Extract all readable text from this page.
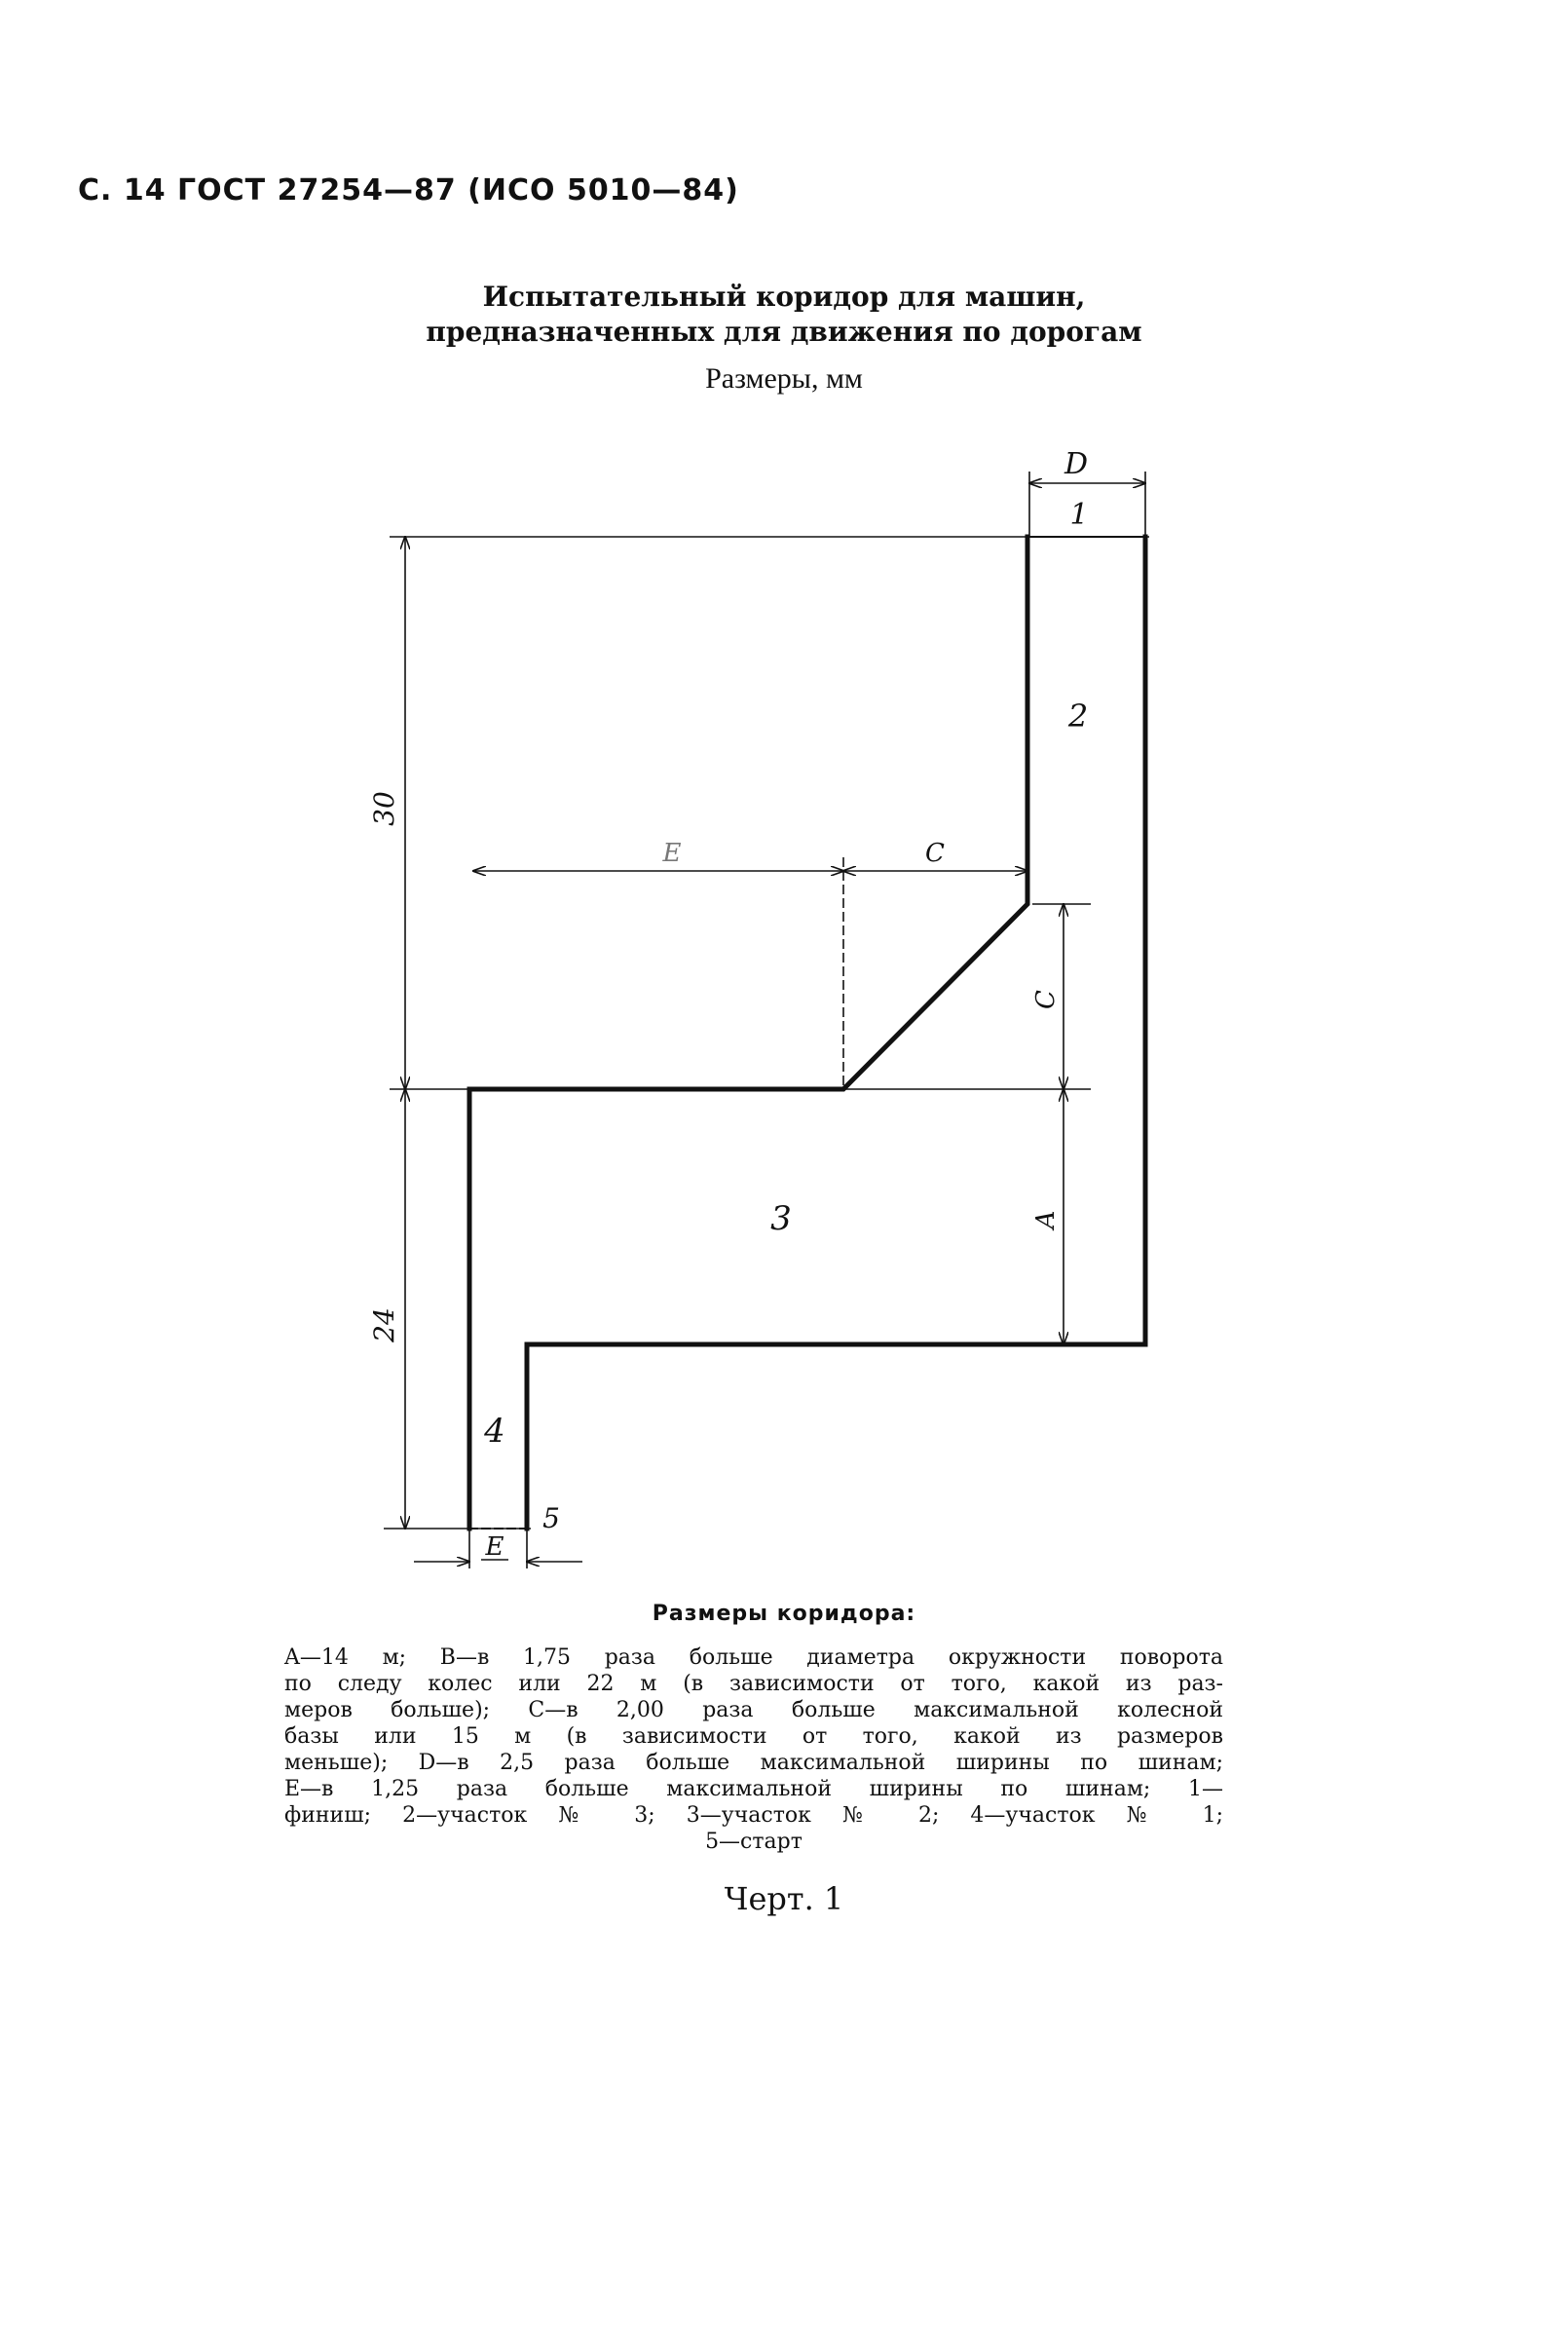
С. 14 ГОСТ 27254—87 (ИСО 5010—84)
Испытательный коридор для машин,
предназначенных для движения по дорогам
Размеры, мм
D
1
2
E	C
C
A
30
24
3
4
5
E
Размеры коридора:
A—14 м; B—в 1,75 раза больше диаметра окружности поворота
по следу колес или 22 м (в зависимости от того, какой из раз-
меров больше); C—в 2,00 раза больше максимальной колесной
базы или 15 м (в зависимости от того, какой из размеров
меньше); D—в 2,5 раза больше максимальной ширины по шинам;
E—в 1,25 раза больше максимальной ширины по шинам; 1—
финиш; 2—участок № 3; 3—участок № 2; 4—участок № 1;
5—старт
Черт. 1
